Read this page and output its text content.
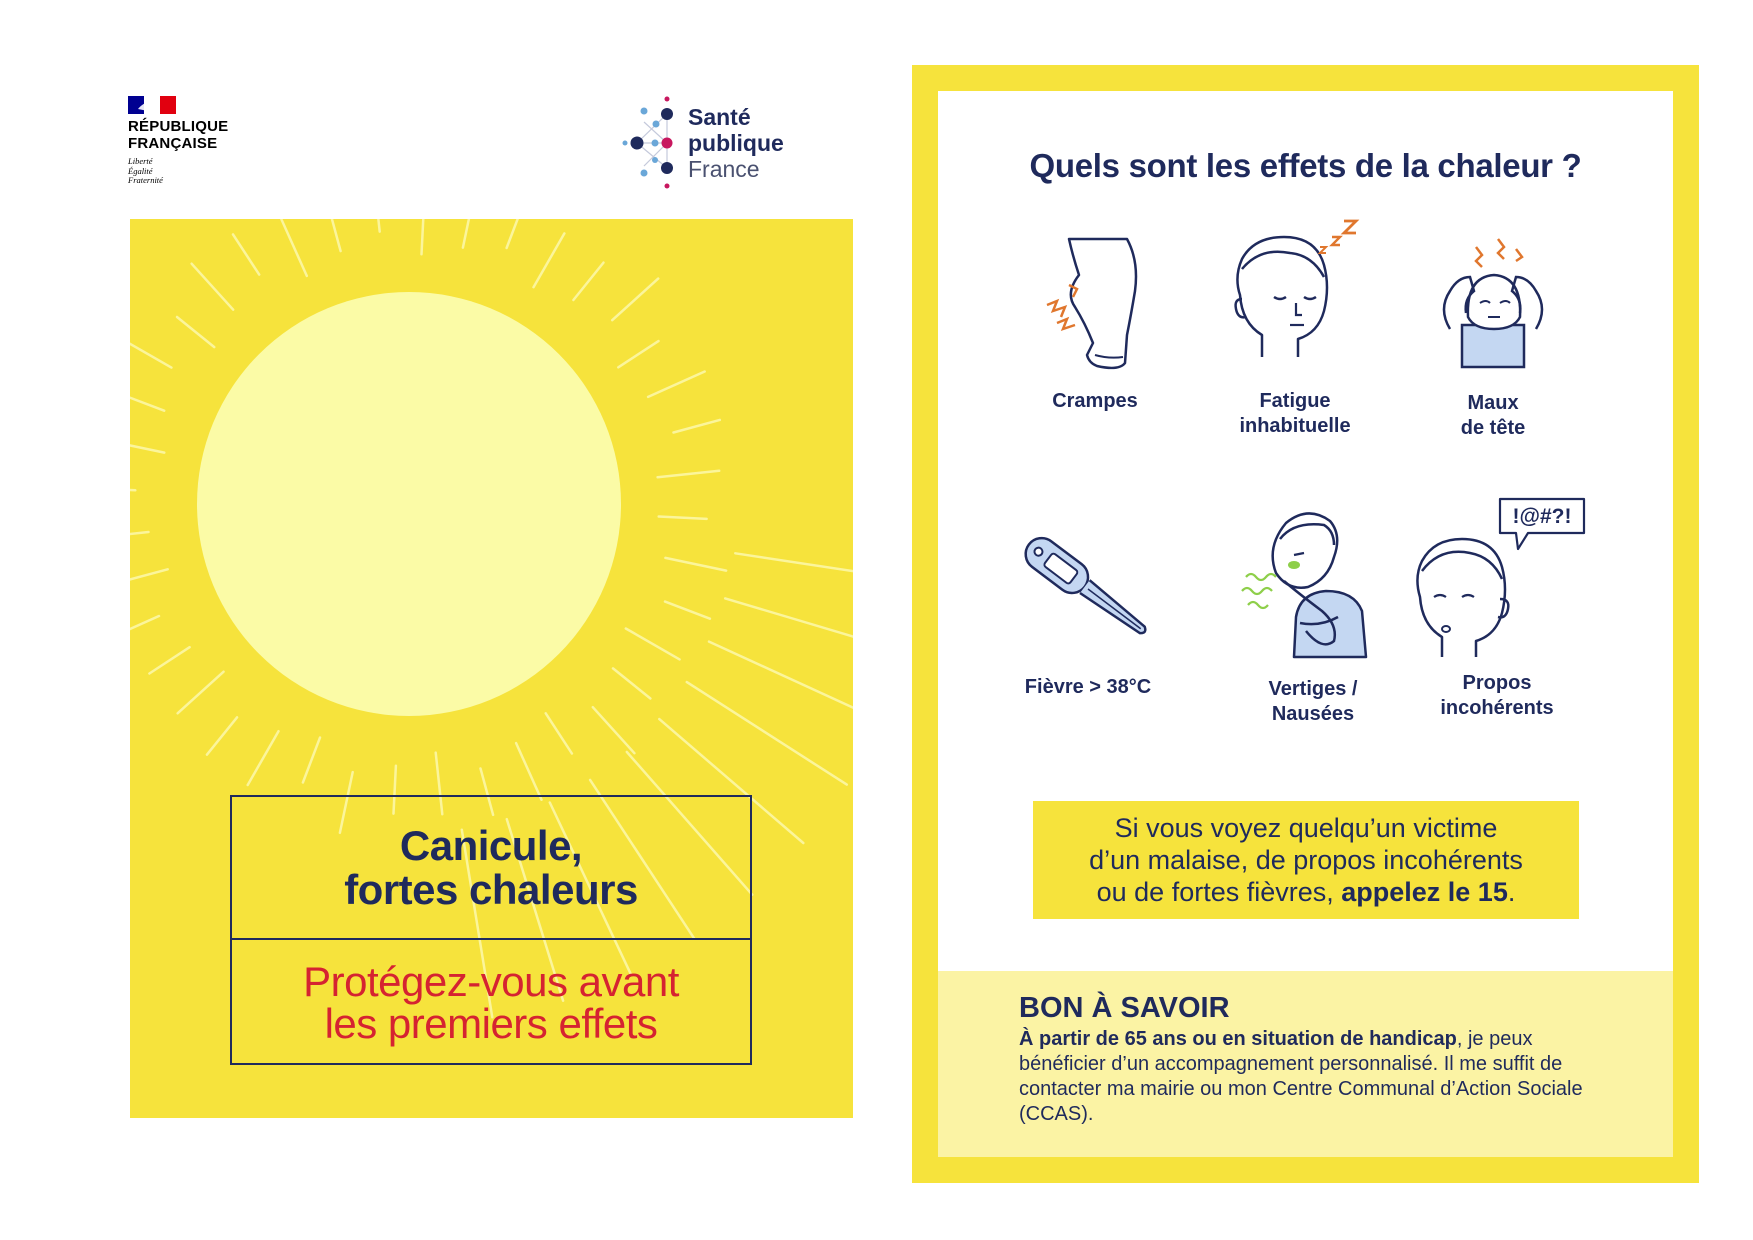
RÉPUBLIQUE
FRANÇAISE
Liberté
Égalité
Fraternité
Santé
publique
France
Canicule,
fortes chaleurs
Protégez-vous avant
les premiers effets
Quels sont les effets de la chaleur ?
Crampes	Fatigue
inhabituelle
Maux
de tête
Fièvre > 38°C	Vertiges /
Nausées
!@#?!
Propos
incohérents
Si vous voyez quelqu’un victime
d’un malaise, de propos incohérents
ou de fortes fièvres, appelez le 15.
BON À SAVOIR
À partir de 65 ans ou en situation de handicap, je peux bénéficier d’un accompagnement personnalisé. Il me suffit de contacter ma mairie ou mon Centre Communal d’Action Sociale (CCAS).
